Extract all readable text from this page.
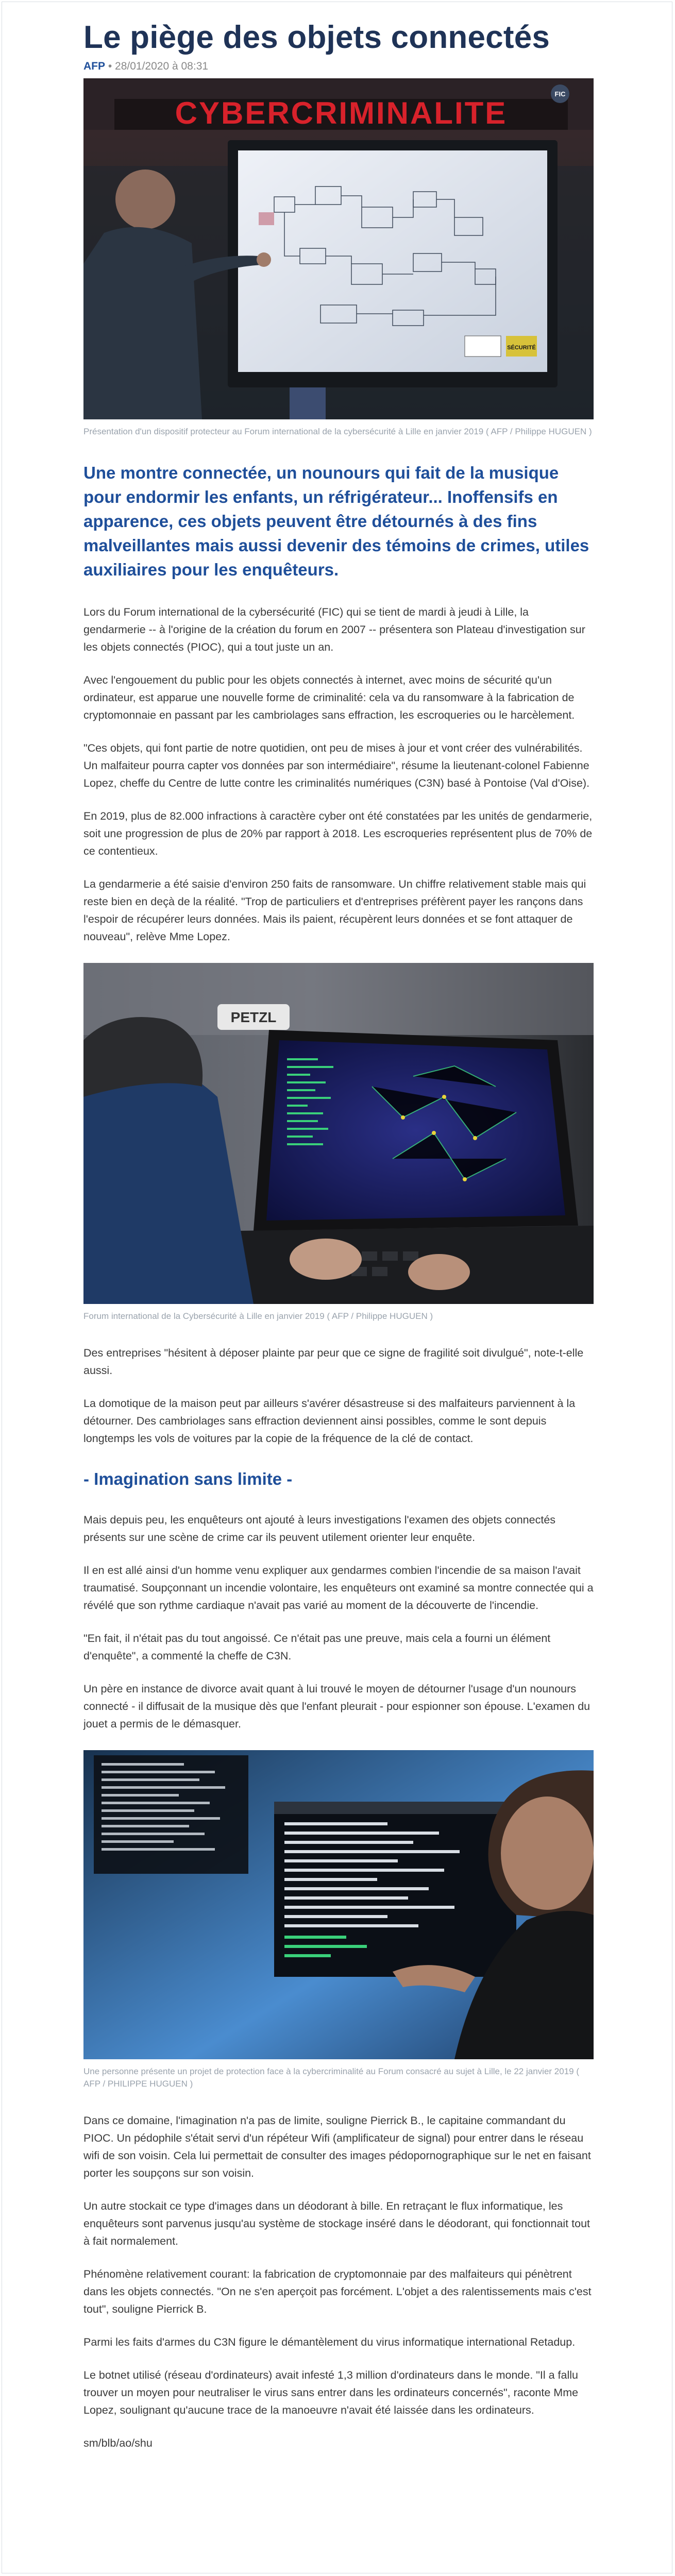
Le piège des objets connectés
AFP • 28/01/2020 à 08:31
SÉCURITÉ
CYBERCRIMINALITE
FIC
Présentation d'un dispositif protecteur au Forum international de la cybersécurité à Lille en janvier 2019 ( AFP / Philippe HUGUEN )
Une montre connectée, un nounours qui fait de la musique pour endormir les enfants, un réfrigérateur... Inoffensifs en apparence, ces objets peuvent être détournés à des fins malveillantes mais aussi devenir des témoins de crimes, utiles auxiliaires pour les enquêteurs.

Lors du Forum international de la cybersécurité (FIC) qui se tient de mardi à jeudi à Lille, la gendarmerie -- à l'origine de la création du forum en 2007 -- présentera son Plateau d'investigation sur les objets connectés (PIOC), qui a tout juste un an.

Avec l'engouement du public pour les objets connectés à internet, avec moins de sécurité qu'un ordinateur, est apparue une nouvelle forme de criminalité: cela va du ransomware à la fabrication de cryptomonnaie en passant par les cambriolages sans effraction, les escroqueries ou le harcèlement.

"Ces objets, qui font partie de notre quotidien, ont peu de mises à jour et vont créer des vulnérabilités. Un malfaiteur pourra capter vos données par son intermédiaire", résume la lieutenant-colonel Fabienne Lopez, cheffe du Centre de lutte contre les criminalités numériques (C3N) basé à Pontoise (Val d'Oise).

En 2019, plus de 82.000 infractions à caractère cyber ont été constatées par les unités de gendarmerie, soit une progression de plus de 20% par rapport à 2018. Les escroqueries représentent plus de 70% de ce contentieux.

La gendarmerie a été saisie d'environ 250 faits de ransomware. Un chiffre relativement stable mais qui reste bien en deçà de la réalité. "Trop de particuliers et d'entreprises préfèrent payer les rançons dans l'espoir de récupérer leurs données. Mais ils paient, récupèrent leurs données et se font attaquer de nouveau", relève Mme Lopez.

PETZL
Forum international de la Cybersécurité à Lille en janvier 2019 ( AFP / Philippe HUGUEN )

Des entreprises "hésitent à déposer plainte par peur que ce signe de fragilité soit divulgué", note-t-elle aussi.

La domotique de la maison peut par ailleurs s'avérer désastreuse si des malfaiteurs parviennent à la détourner. Des cambriolages sans effraction deviennent ainsi possibles, comme le sont depuis longtemps les vols de voitures par la copie de la fréquence de la clé de contact.

- Imagination sans limite -

Mais depuis peu, les enquêteurs ont ajouté à leurs investigations l'examen des objets connectés présents sur une scène de crime car ils peuvent utilement orienter leur enquête.

Il en est allé ainsi d'un homme venu expliquer aux gendarmes combien l'incendie de sa maison l'avait traumatisé. Soupçonnant un incendie volontaire, les enquêteurs ont examiné sa montre connectée qui a révélé que son rythme cardiaque n'avait pas varié au moment de la découverte de l'incendie.

"En fait, il n'était pas du tout angoissé. Ce n'était pas une preuve, mais cela a fourni un élément d'enquête", a commenté la cheffe de C3N.

Un père en instance de divorce avait quant à lui trouvé le moyen de détourner l'usage d'un nounours connecté - il diffusait de la musique dès que l'enfant pleurait - pour espionner son épouse. L'examen du jouet a permis de le démasquer.

Une personne présente un projet de protection face à la cybercriminalité au Forum consacré au sujet à Lille, le 22 janvier 2019 ( AFP / PHILIPPE HUGUEN )

Dans ce domaine, l'imagination n'a pas de limite, souligne Pierrick B., le capitaine commandant du PIOC. Un pédophile s'était servi d'un répéteur Wifi (amplificateur de signal) pour entrer dans le réseau wifi de son voisin. Cela lui permettait de consulter des images pédopornographique sur le net en faisant porter les soupçons sur son voisin.

Un autre stockait ce type d'images dans un déodorant à bille. En retraçant le flux informatique, les enquêteurs sont parvenus jusqu'au système de stockage inséré dans le déodorant, qui fonctionnait tout à fait normalement.

Phénomène relativement courant: la fabrication de cryptomonnaie par des malfaiteurs qui pénètrent dans les objets connectés. "On ne s'en aperçoit pas forcément. L'objet a des ralentissements mais c'est tout", souligne Pierrick B.

Parmi les faits d'armes du C3N figure le démantèlement du virus informatique international Retadup.

Le botnet utilisé (réseau d'ordinateurs) avait infesté 1,3 million d'ordinateurs dans le monde. "Il a fallu trouver un moyen pour neutraliser le virus sans entrer dans les ordinateurs concernés", raconte Mme Lopez, soulignant qu'aucune trace de la manoeuvre n'avait été laissée dans les ordinateurs.

sm/blb/ao/shu
